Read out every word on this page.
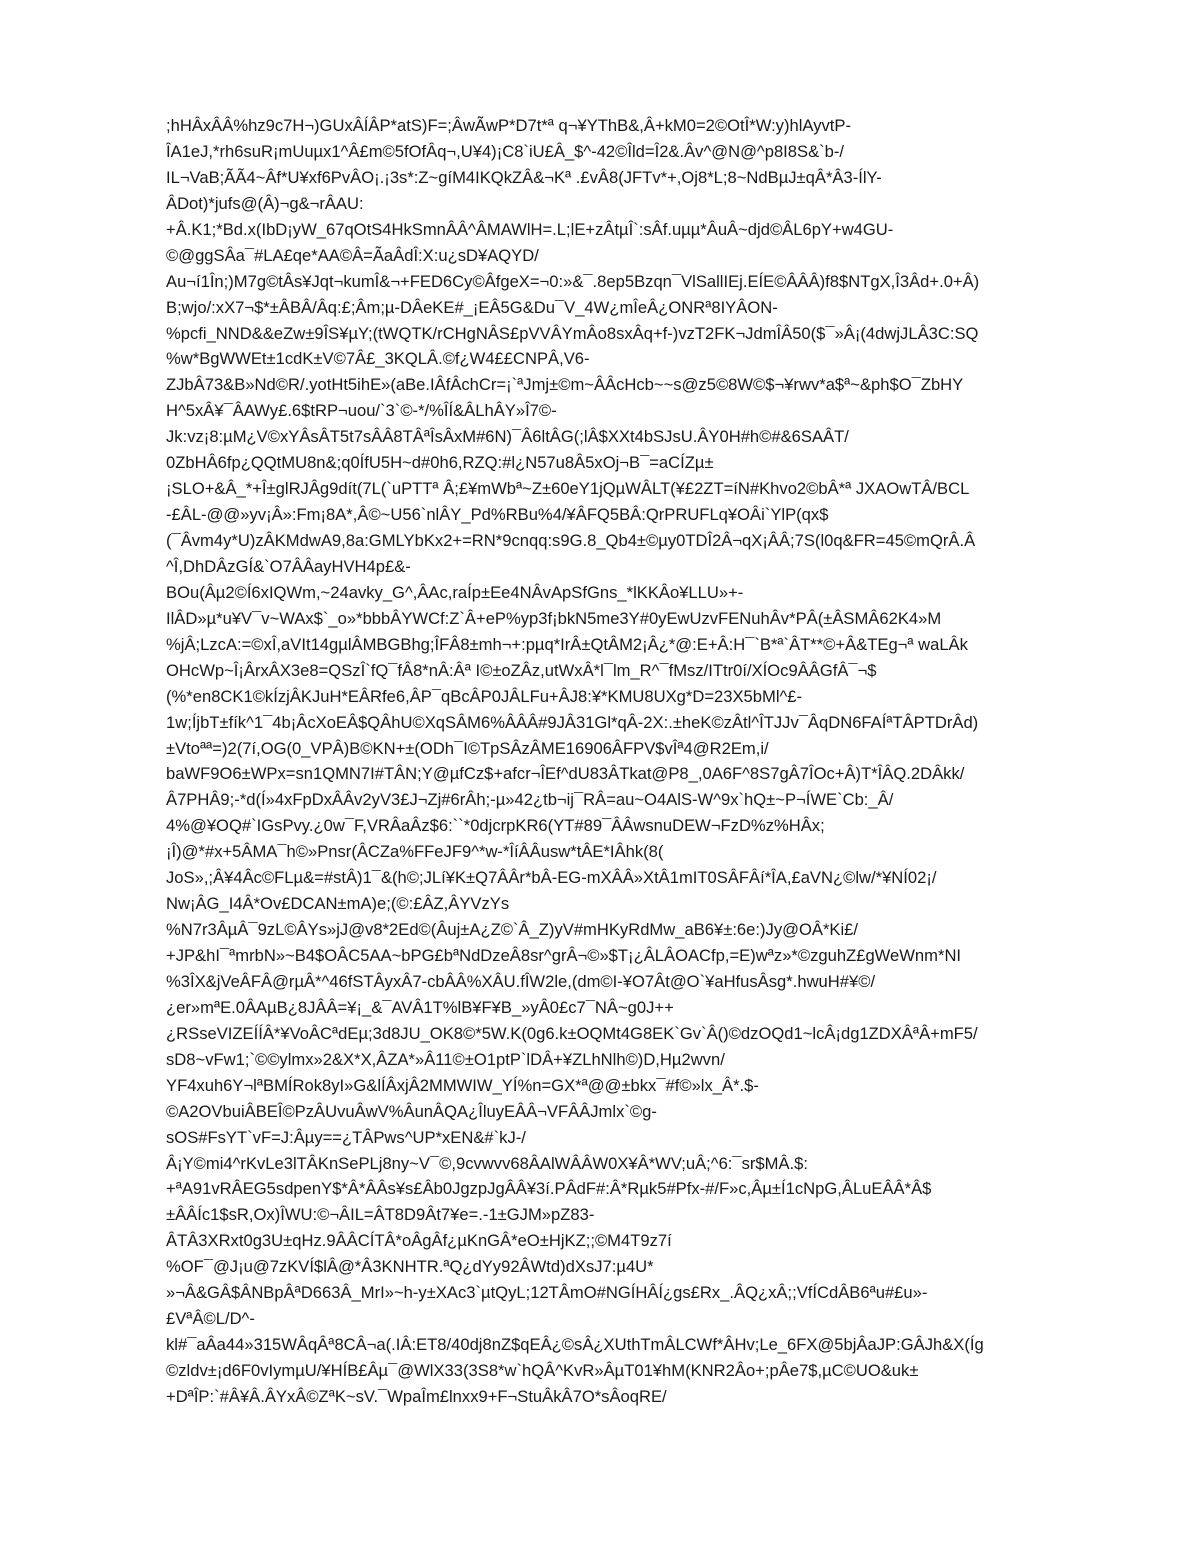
;hHÂxÂÂ%hz9c7H¬)GUxÂÍÂP*atS)F=;ÂwÃwP*D7t*ª q¬¥YThB&,Â+kM0=2©OtÎ*W:y)hlAyvtP-
ÎA1eJ,*rh6suR¡mUuµx1^Â£m©5fOfÂq¬,U¥4)¡C8`iU£Â_$^-42©Îld=Î2&.Âv^@N@^p8I8S&`b-/
IL¬VaB;ÃÃ4~Âf*U¥xf6PvÂO¡.¡3s*:Z~gíM4IKQkZÂ&¬Kª .£vÂ8(JFTv*+,Oj8*L;8~NdBµJ±qÂ*Â3-ÍlY-
ÂDot)*jufs@(Â)¬g&¬rÂAU:
+Â.K1;*Bd.x(IbD¡yW_67qOtS4HkSmnÂÂ^ÂMAWlH=.L;lE+zÂtµÎ`:sÂf.uµµ*ÂuÂ~djd©ÂL6pY+w4GU-
©@ggSÂa¯#LA£qe*AA©Â=ÃaÂdÎ:X:u¿sD¥AQYD/
Au¬í1În;)M7g©tÂs¥Jqt¬kumÎ&¬+FED6Cy©ÂfgeX=¬0:»&¯.8ep5Bzqn¯VlSallIEj.EÍE©ÂÂÂ)f8$NTgX,Î3Âd+.0+Â)
B;wjo/:xX7¬$*±ÂBÂ/Âq:£;Âm;µ-DÂeKE#_¡EÂ5G&Du¯V_4W¿mÎeÂ¿ONRª8IYÂON-
%pcfi_NND&&eZw±9ÎS¥µY;(tWQTK/rCHgNÂS£pVVÂYmÂo8sxÂq+f-)vzT2FK¬JdmÎÂ50($¯»Â¡(4dwjJLÂ3C:SQ
%w*BgWWEt±1cdK±V©7Â£_3KQLÂ.©f¿W4££CNPÂ,V6-
ZJbÂ73&B»Nd©R/.yotHt5ihE»(aBe.IÂfÂchCr=¡`ªJmj±©m~ÂÂcHcb~~s@z5©8W©$¬¥rwv*a$ª~&ph$O¯ZbHY
H^5xÂ¥¯ÂAWy£.6$tRP¬uou/`3`©-*/%ÎÍ&ÂLhÂY»Î7©-
Jk:vz¡8:µM¿V©xYÂsÂT5t7sÂÂ8TÂªÎsÂxM#6N)¯Â6ltÂG(;lÂ$XXt4bSJsU.ÂY0H#h©#&6SAÂT/
0ZbHÂ6fp¿QQtMU8n&;q0ÍfU5H~d#0h6,RZQ:#l¿N57u8Â5xOj¬B¯=aCÍZµ±
¡SLO+&Â_*+Î±glRJÂg9dít(7L(`uPTTª Â;£¥mWbª~Z±60eY1jQµWÂLT(¥£2ZT=íN#Khvo2©bÂ*ª JXAOwTÂ/BCL
-£ÂL-@@»yv¡Â»:Fm¡8A*,Â©~U56`nlÂY_Pd%RBu%4/¥ÂFQ5BÂ:QrPRUFLq¥OÂi`YlP(qx$
(¯Âvm4y*U)zÂKMdwA9,8a:GMLYbKx2+=RN*9cnqq:s9G.8_Qb4±©µy0TDÎ2Â¬qX¡ÂÂ;7S(l0q&FR=45©mQrÂ.Â
^Î,DhDÂzGÍ&`O7ÂÂayHVH4p£&-
BOu(Âµ2©Í6xIQWm,~24avky_G^,ÂAc,raÍp±Ee4NÂvApSfGns_*lKKÂo¥LLU»+-
IlÂD»µ*u¥V¯v~WAx$`_o»*bbbÂYWCf:Z`Â+eP%yp3f¡bkN5me3Y#0yEwUzvFENuhÂv*PÂ(±ÂSMÂ62K4»M
%jÂ;LzcA:=©xÎ,aVIt14gµlÂMBGBhg;ÎFÂ8±mh¬+:pµq*IrÂ±QtÂM2¡Â¿*@:E+Â:H¯`B*ª`ÂT**©+Â&TEg¬ª waLÂk
OHcWp~Î¡ÂrxÂX3e8=QSzÎ`fQ¯fÂ8*nÂ:Âª I©±oZÂz,utWxÂ*l¯lm_R^¯fMsz/ITtr0í/XÍOc9ÂÂGfÂ¯¬$
(%*en8CK1©kÍzjÂKJuH*EÂRfe6,ÂP¯qBcÂP0JÂLFu+ÂJ8:¥*KMU8UXg*D=23X5bMl^£-
1w;ÍjbT±fík^1¯4b¡ÂcXoEÂ$QÂhU©XqSÂM6%ÂÂÂ#9JÂ31Gl*qÂ-2X:.±heK©zÂtl^ÎTJJv¯ÂqDN6FAÍªTÂPTDrÂd)
±Vtoªª=)2(7í,OG(0_VPÂ)B©KN+±(ODh¯I©TpSÂzÂME16906ÂFPV$vÎª4@R2Em,i/
baWF9O6±WPx=sn1QMN7I#TÂN;Y@µfCz$+afcr¬ÎEf^dU83ÂTkat@P8_,0A6F^8S7gÂ7ÎOc+Â)T*ÎÂQ.2DÂkk/
Â7PHÂ9;-*d(Í»4xFpDxÂÂv2yV3£J¬Zj#6rÂh;-µ»42¿tb¬ij¯RÂ=au~O4AlS-W^9x`hQ±~P¬ÍWE`Cb:_Â/
4%@¥OQ#`IGsPvy.¿0w¯F,VRÂaÂz$6:``*0djcrpKR6(YT#89¯ÂÂwsnuDEW¬FzD%z%HÂx;
¡Î)@*#x+5ÂMA¯h©»Pnsr(ÂCZa%FFeJF9^*w-*ÎíÂÂusw*tÂE*IÂhk(8(
JoS»,;Â¥4Âc©FLµ&=#stÂ)1¯&(h©;JLí¥K±Q7ÂÂr*bÂ-EG-mXÂÂ»XtÂ1mIT0SÂFÂí*ÎA,£aVN¿©lw/*¥NÍ02¡/
Nw¡ÂG_I4Â*Ov£DCAN±mA)e;(©:£ÂZ,ÂYVzYs
%N7r3ÂµÂ¯9zL©ÂYs»jJ@v8*2Ed©(Âuj±A¿Z©`Â_Z)yV#mHKyRdMw_aB6¥±:6e:)Jy@OÂ*Ki£/
+JP&hI¯ªmrbN»~B4$OÂC5AA~bPG£bªNdDzeÂ8sr^grÂ¬©»$T¡¿ÂLÂOACfp,=E)wªz»*©zguhZ£gWeWnm*NI
%3ÎX&jVeÂFÂ@rµÂ*^46fSTÂyxÂ7-cbÂÂ%XÂU.fÎW2le,(dm©I-¥O7Ât@O`¥aHfusÂsg*.hwuH#¥©/
¿er»mªE.0ÂAµB¿8JÂÂ=¥¡_&¯AVÂ1T%lB¥F¥B_»yÂ0£c7¯NÂ~g0J++
¿RSseVIZEÍÍÂ*¥VoÂCªdEµ;3d8JU_OK8©*5W.K(0g6.k±OQMt4G8EK`Gv`Â()©dzOQd1~lcÂ¡dg1ZDXÂªÂ+mF5/
sD8~vFw1;`©©ylmx»2&X*X,ÂZA*»Â11©±O1ptP`lDÂ+¥ZLhNlh©)D,Hµ2wvn/
YF4xuh6Y¬lªBMÍRok8yI»G&lÍÂxjÂ2MMWIW_YÍ%n=GX*ª@@±bkx¯#f©»lx_Â*.$-
©A2OVbuiÂBEÎ©PzÂUvuÂwV%ÂunÂQA¿ÎluyEÂÂ¬VFÂÂJmlx`©g-
sOS#FsYT`vF=J:Âµy==¿TÂPws^UP*xEN&#`kJ-/
Â¡Y©mi4^rKvLe3lTÂKnSePLj8ny~V¯©,9cvwvv68ÂAlWÂÂW0X¥Â*WV;uÂ;^6:¯sr$MÂ.$:
+ªA91vRÂEG5sdpenY$*Â*ÂÂs¥s£Âb0JgzpJgÂÂ¥3í.PÂdF#:Â*Rµk5#Pfx-#/F»c,Âµ±Í1cNpG,ÂLuEÂÂ*Â$
±ÂÂÍc1$sR,Ox)ÎWU:©¬ÂIL=ÂT8D9Ât7¥e=.-1±GJM»pZ83-
ÂTÂ3XRxt0g3U±qHz.9ÂÂCÍTÂ*oÂgÂf¿µKnGÂ*eO±HjKZ;;©M4T9z7í
%OF¯@J¡u@7zKVÍ$lÂ@*Â3KNHTR.ªQ¿dYy92ÂWtd)dXsJ7:µ4U*
»¬Â&GÂ$ÂNBpÂªD663Â_MrI»~h-y±XAc3`µtQyL;12TÂmO#NGÍHÂÍ¿gs£Rx_.ÂQ¿xÂ;;VfÍCdÂB6ªu#£u»-
£VªÂ©L/D^-
kl#¯aÂa44»315WÂqÂª8CÂ¬a(.IÂ:ET8/40dj8nZ$qEÂ¿©sÂ¿XUthTmÂLCWf*ÂHv;Le_6FX@5bjÂaJP:GÂJh&X(Íg
©zldv±¡d6F0vIymµU/¥HÍB£Âµ¯@WlX33(3S8*w`hQÂ^KvR»ÂµT01¥hM(KNR2Âo+;pÂe7$,µC©UO&uk±
+DªÎP:`#Â¥Â.ÂYxÂ©ZªK~sV.¯WpaÎm£lnxx9+F¬StuÂkÂ7O*sÂoqRE/
